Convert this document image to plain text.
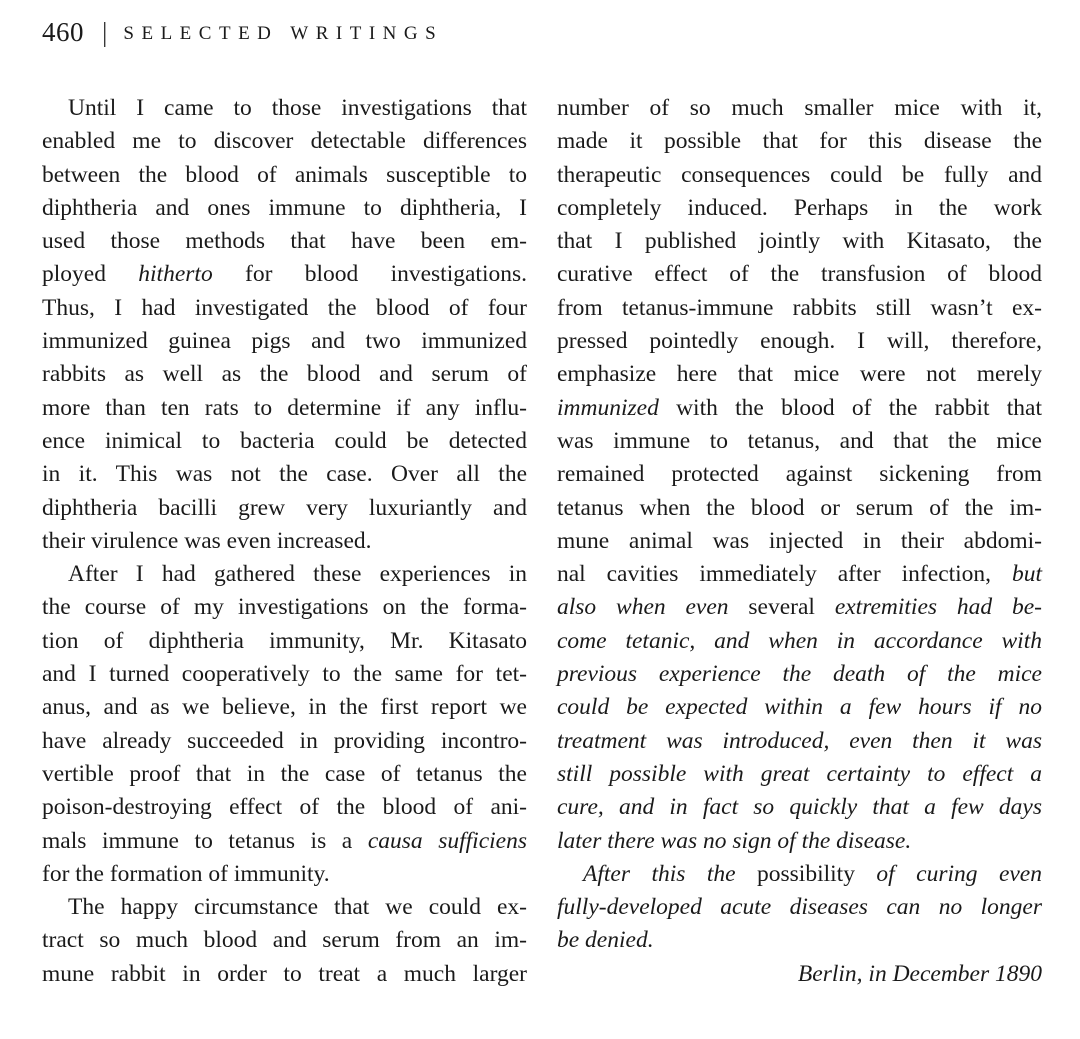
460 | SELECTED WRITINGS
Until I came to those investigations that
enabled me to discover detectable differences
between the blood of animals susceptible to
diphtheria and ones immune to diphtheria, I
used those methods that have been em-
ployed hitherto for blood investigations.
Thus, I had investigated the blood of four
immunized guinea pigs and two immunized
rabbits as well as the blood and serum of
more than ten rats to determine if any influ-
ence inimical to bacteria could be detected
in it. This was not the case. Over all the
diphtheria bacilli grew very luxuriantly and
their virulence was even increased.
After I had gathered these experiences in
the course of my investigations on the forma-
tion of diphtheria immunity, Mr. Kitasato
and I turned cooperatively to the same for tet-
anus, and as we believe, in the first report we
have already succeeded in providing incontro-
vertible proof that in the case of tetanus the
poison-destroying effect of the blood of ani-
mals immune to tetanus is a causa sufficiens
for the formation of immunity.
The happy circumstance that we could ex-
tract so much blood and serum from an im-
mune rabbit in order to treat a much larger
number of so much smaller mice with it,
made it possible that for this disease the
therapeutic consequences could be fully and
completely induced. Perhaps in the work
that I published jointly with Kitasato, the
curative effect of the transfusion of blood
from tetanus-immune rabbits still wasn’t ex-
pressed pointedly enough. I will, therefore,
emphasize here that mice were not merely
immunized with the blood of the rabbit that
was immune to tetanus, and that the mice
remained protected against sickening from
tetanus when the blood or serum of the im-
mune animal was injected in their abdomi-
nal cavities immediately after infection, but
also when even several extremities had be-
come tetanic, and when in accordance with
previous experience the death of the mice
could be expected within a few hours if no
treatment was introduced, even then it was
still possible with great certainty to effect a
cure, and in fact so quickly that a few days
later there was no sign of the disease.
After this the possibility of curing even
fully-developed acute diseases can no longer
be denied.
Berlin, in December 1890
